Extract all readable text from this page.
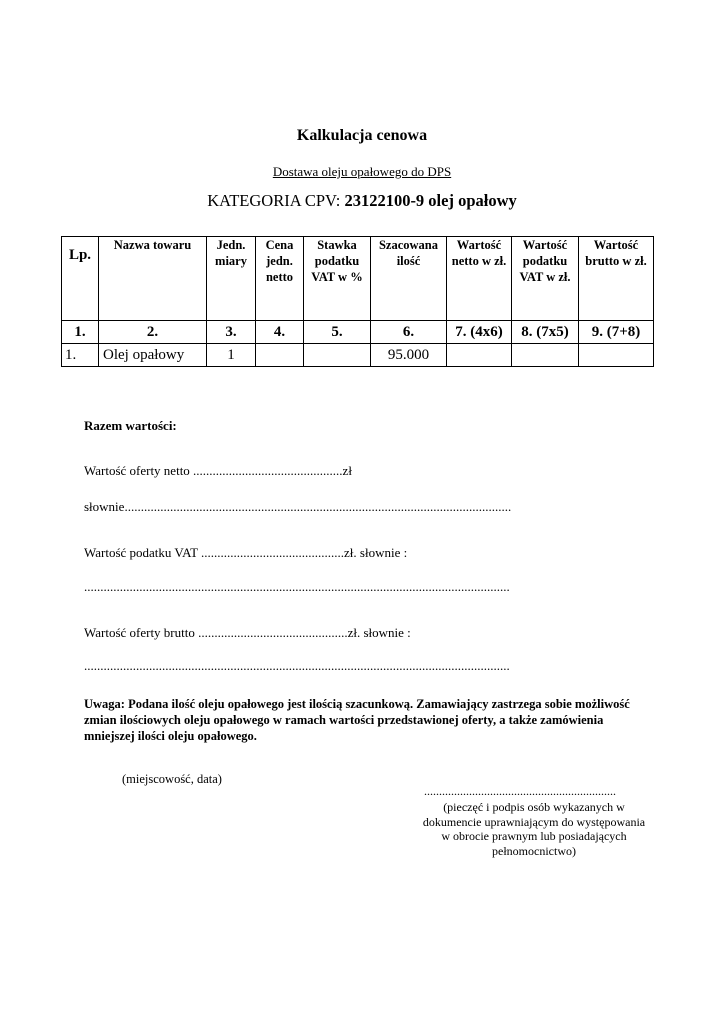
Kalkulacja cenowa
Dostawa oleju opałowego do DPS
KATEGORIA CPV: 23122100-9 olej opałowy
Lp.	Nazwa towaru	Jedn. miary	Cena jedn. netto	Stawka podatku VAT w %	Szacowana ilość	Wartość netto w zł.	Wartość podatku VAT w zł.	Wartość brutto w zł.
1.	2.	3.	4.	5.	6.	7. (4x6)	8. (7x5)	9. (7+8)
1.	Olej opałowy	1			95.000			
Razem wartości:
Wartość oferty netto ..............................................zł
słownie.......................................................................................................................
Wartość podatku VAT ............................................zł. słownie :
...................................................................................................................................
Wartość oferty brutto ..............................................zł. słownie :
...................................................................................................................................
Uwaga: Podana ilość oleju opałowego jest ilością szacunkową. Zamawiający zastrzega sobie możliwość zmian ilościowych oleju opałowego w ramach wartości przedstawionej oferty, a także zamówienia mniejszej ilości oleju opałowego.
(miejscowość, data)
................................................................
(pieczęć i podpis osób wykazanych w
dokumencie uprawniającym do występowania
w obrocie prawnym lub posiadających
pełnomocnictwo)
